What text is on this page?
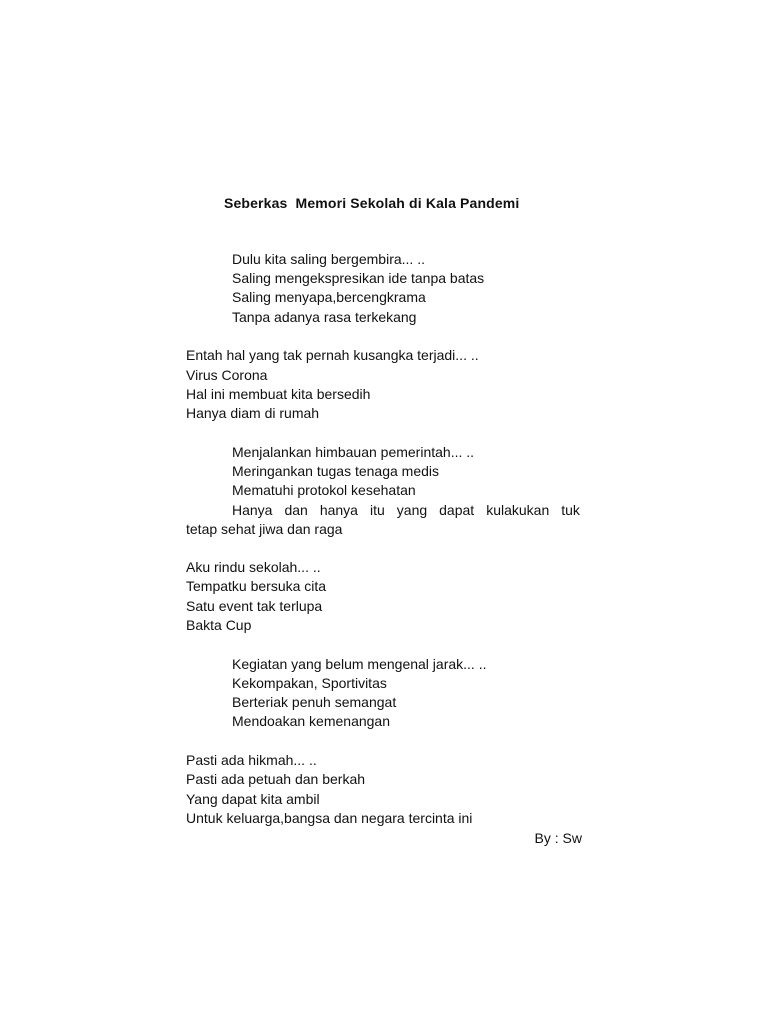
Seberkas  Memori Sekolah di Kala Pandemi
Dulu kita saling bergembira... ..
Saling mengekspresikan ide tanpa batas
Saling menyapa,bercengkrama
Tanpa adanya rasa terkekang
Entah hal yang tak pernah kusangka terjadi... ..
Virus Corona
Hal ini membuat kita bersedih
Hanya diam di rumah
Menjalankan himbauan pemerintah... ..
Meringankan tugas tenaga medis
Mematuhi protokol kesehatan
Hanya dan hanya itu yang dapat kulakukan tuk
tetap sehat jiwa dan raga
Aku rindu sekolah... ..
Tempatku bersuka cita
Satu event tak terlupa
Bakta Cup
Kegiatan yang belum mengenal jarak... ..
Kekompakan, Sportivitas
Berteriak penuh semangat
Mendoakan kemenangan
Pasti ada hikmah... ..
Pasti ada petuah dan berkah
Yang dapat kita ambil
Untuk keluarga,bangsa dan negara tercinta ini
By : Sw
